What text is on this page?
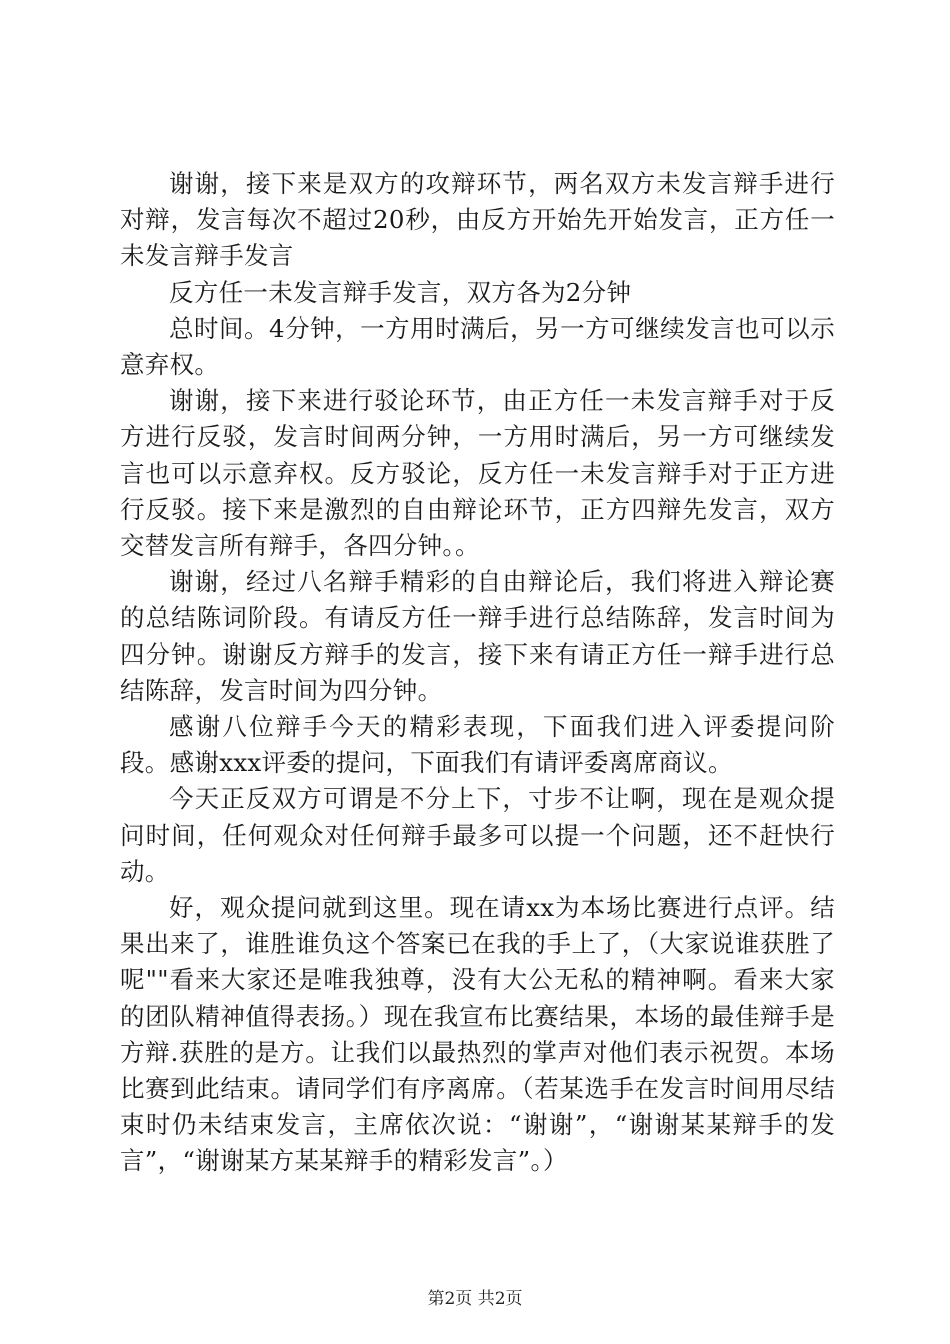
谢谢，接下来是双方的攻辩环节，两名双方未发言辩手进行对辩，发言每次不超过20秒，由反方开始先开始发言，正方任一未发言辩手发言

反方任一未发言辩手发言，双方各为2分钟

总时间。4分钟，一方用时满后，另一方可继续发言也可以示意弃权。

谢谢，接下来进行驳论环节，由正方任一未发言辩手对于反方进行反驳，发言时间两分钟，一方用时满后，另一方可继续发言也可以示意弃权。反方驳论，反方任一未发言辩手对于正方进行反驳。接下来是激烈的自由辩论环节，正方四辩先发言，双方交替发言所有辩手，各四分钟。。

谢谢，经过八名辩手精彩的自由辩论后，我们将进入辩论赛的总结陈词阶段。有请反方任一辩手进行总结陈辞，发言时间为四分钟。谢谢反方辩手的发言，接下来有请正方任一辩手进行总结陈辞，发言时间为四分钟。

感谢八位辩手今天的精彩表现，下面我们进入评委提问阶段。感谢xxx评委的提问，下面我们有请评委离席商议。

今天正反双方可谓是不分上下，寸步不让啊，现在是观众提问时间，任何观众对任何辩手最多可以提一个问题，还不赶快行动。

好，观众提问就到这里。现在请xx为本场比赛进行点评。结果出来了，谁胜谁负这个答案已在我的手上了，（大家说谁获胜了呢""看来大家还是唯我独尊，没有大公无私的精神啊。看来大家的团队精神值得表扬。）现在我宣布比赛结果，本场的最佳辩手是方辩.获胜的是方。让我们以最热烈的掌声对他们表示祝贺。本场比赛到此结束。请同学们有序离席。（若某选手在发言时间用尽结束时仍未结束发言，主席依次说：“谢谢”，“谢谢某某辩手的发言”，“谢谢某方某某辩手的精彩发言”。）

第2页 共2页
